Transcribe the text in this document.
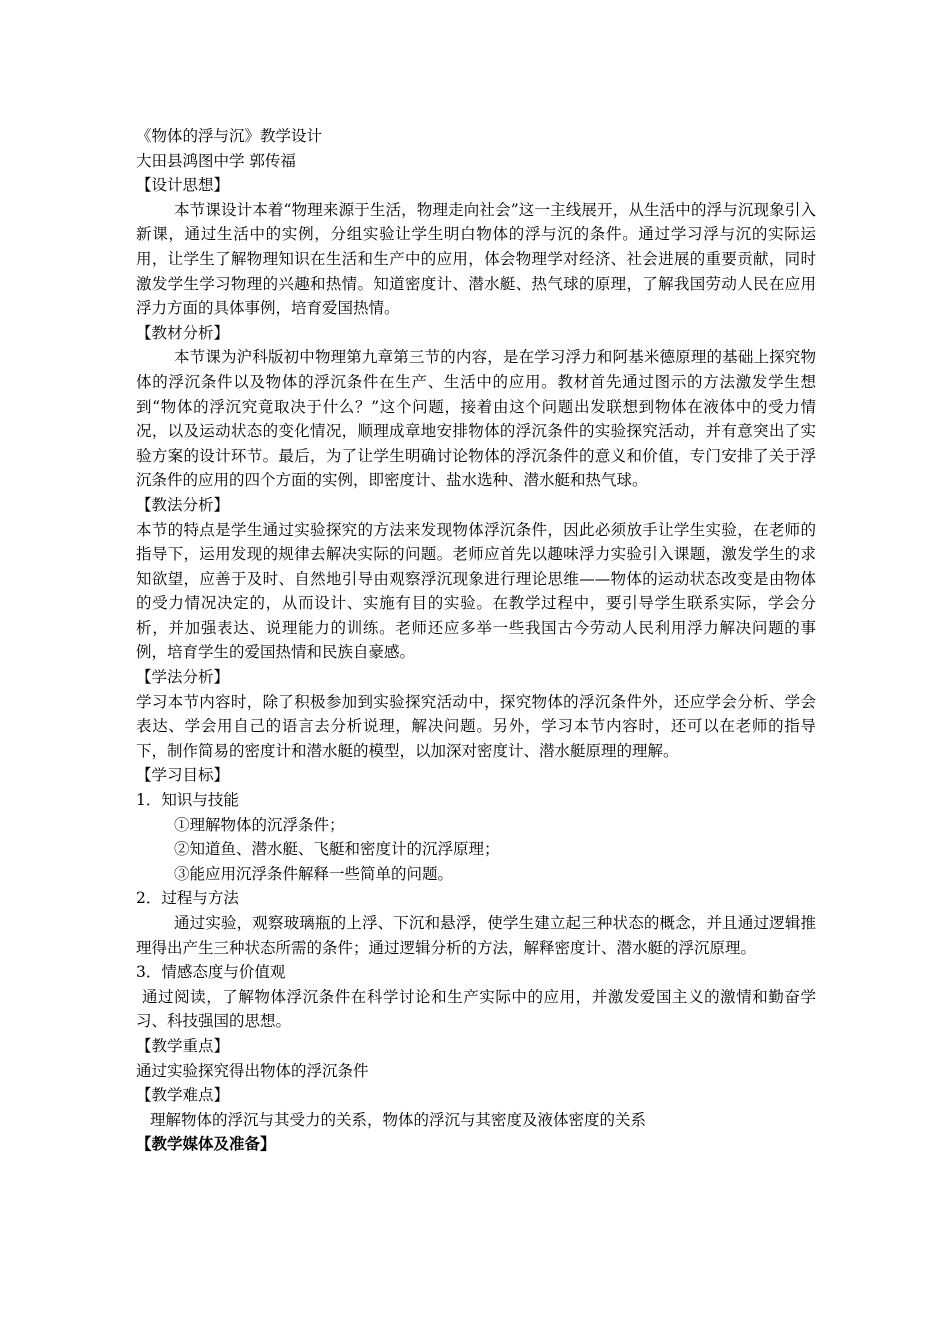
《物体的浮与沉》教学设计
大田县鸿图中学 郭传福
【设计思想】

本节课设计本着“物理来源于生活，物理走向社会”这一主线展开，从生活中的浮与沉现象引入新课，通过生活中的实例，分组实验让学生明白物体的浮与沉的条件。通过学习浮与沉的实际运用，让学生了解物理知识在生活和生产中的应用，体会物理学对经济、社会进展的重要贡献，同时激发学生学习物理的兴趣和热情。知道密度计、潜水艇、热气球的原理，了解我国劳动人民在应用浮力方面的具体事例，培育爱国热情。

【教材分析】

本节课为沪科版初中物理第九章第三节的内容，是在学习浮力和阿基米德原理的基础上探究物体的浮沉条件以及物体的浮沉条件在生产、生活中的应用。教材首先通过图示的方法激发学生想到“物体的浮沉究竟取决于什么？”这个问题，接着由这个问题出发联想到物体在液体中的受力情况，以及运动状态的变化情况，顺理成章地安排物体的浮沉条件的实验探究活动，并有意突出了实验方案的设计环节。最后，为了让学生明确讨论物体的浮沉条件的意义和价值，专门安排了关于浮沉条件的应用的四个方面的实例，即密度计、盐水选种、潜水艇和热气球。

【教法分析】

本节的特点是学生通过实验探究的方法来发现物体浮沉条件，因此必须放手让学生实验，在老师的指导下，运用发现的规律去解决实际的问题。老师应首先以趣味浮力实验引入课题，激发学生的求知欲望，应善于及时、自然地引导由观察浮沉现象进行理论思维——物体的运动状态改变是由物体的受力情况决定的，从而设计、实施有目的实验。在教学过程中，要引导学生联系实际，学会分析，并加强表达、说理能力的训练。老师还应多举一些我国古今劳动人民利用浮力解决问题的事例，培育学生的爱国热情和民族自豪感。

【学法分析】

学习本节内容时，除了积极参加到实验探究活动中，探究物体的浮沉条件外，还应学会分析、学会表达、学会用自己的语言去分析说理，解决问题。另外，学习本节内容时，还可以在老师的指导下，制作简易的密度计和潜水艇的模型，以加深对密度计、潜水艇原理的理解。

【学习目标】
1．知识与技能
①理解物体的沉浮条件；
②知道鱼、潜水艇、飞艇和密度计的沉浮原理；
③能应用沉浮条件解释一些简单的问题。
2．过程与方法

通过实验，观察玻璃瓶的上浮、下沉和悬浮，使学生建立起三种状态的概念，并且通过逻辑推理得出产生三种状态所需的条件；通过逻辑分析的方法，解释密度计、潜水艇的浮沉原理。

3．情感态度与价值观

通过阅读，了解物体浮沉条件在科学讨论和生产实际中的应用，并激发爱国主义的激情和勤奋学习、科技强国的思想。

【教学重点】
通过实验探究得出物体的浮沉条件
【教学难点】
理解物体的浮沉与其受力的关系，物体的浮沉与其密度及液体密度的关系
【教学媒体及准备】
